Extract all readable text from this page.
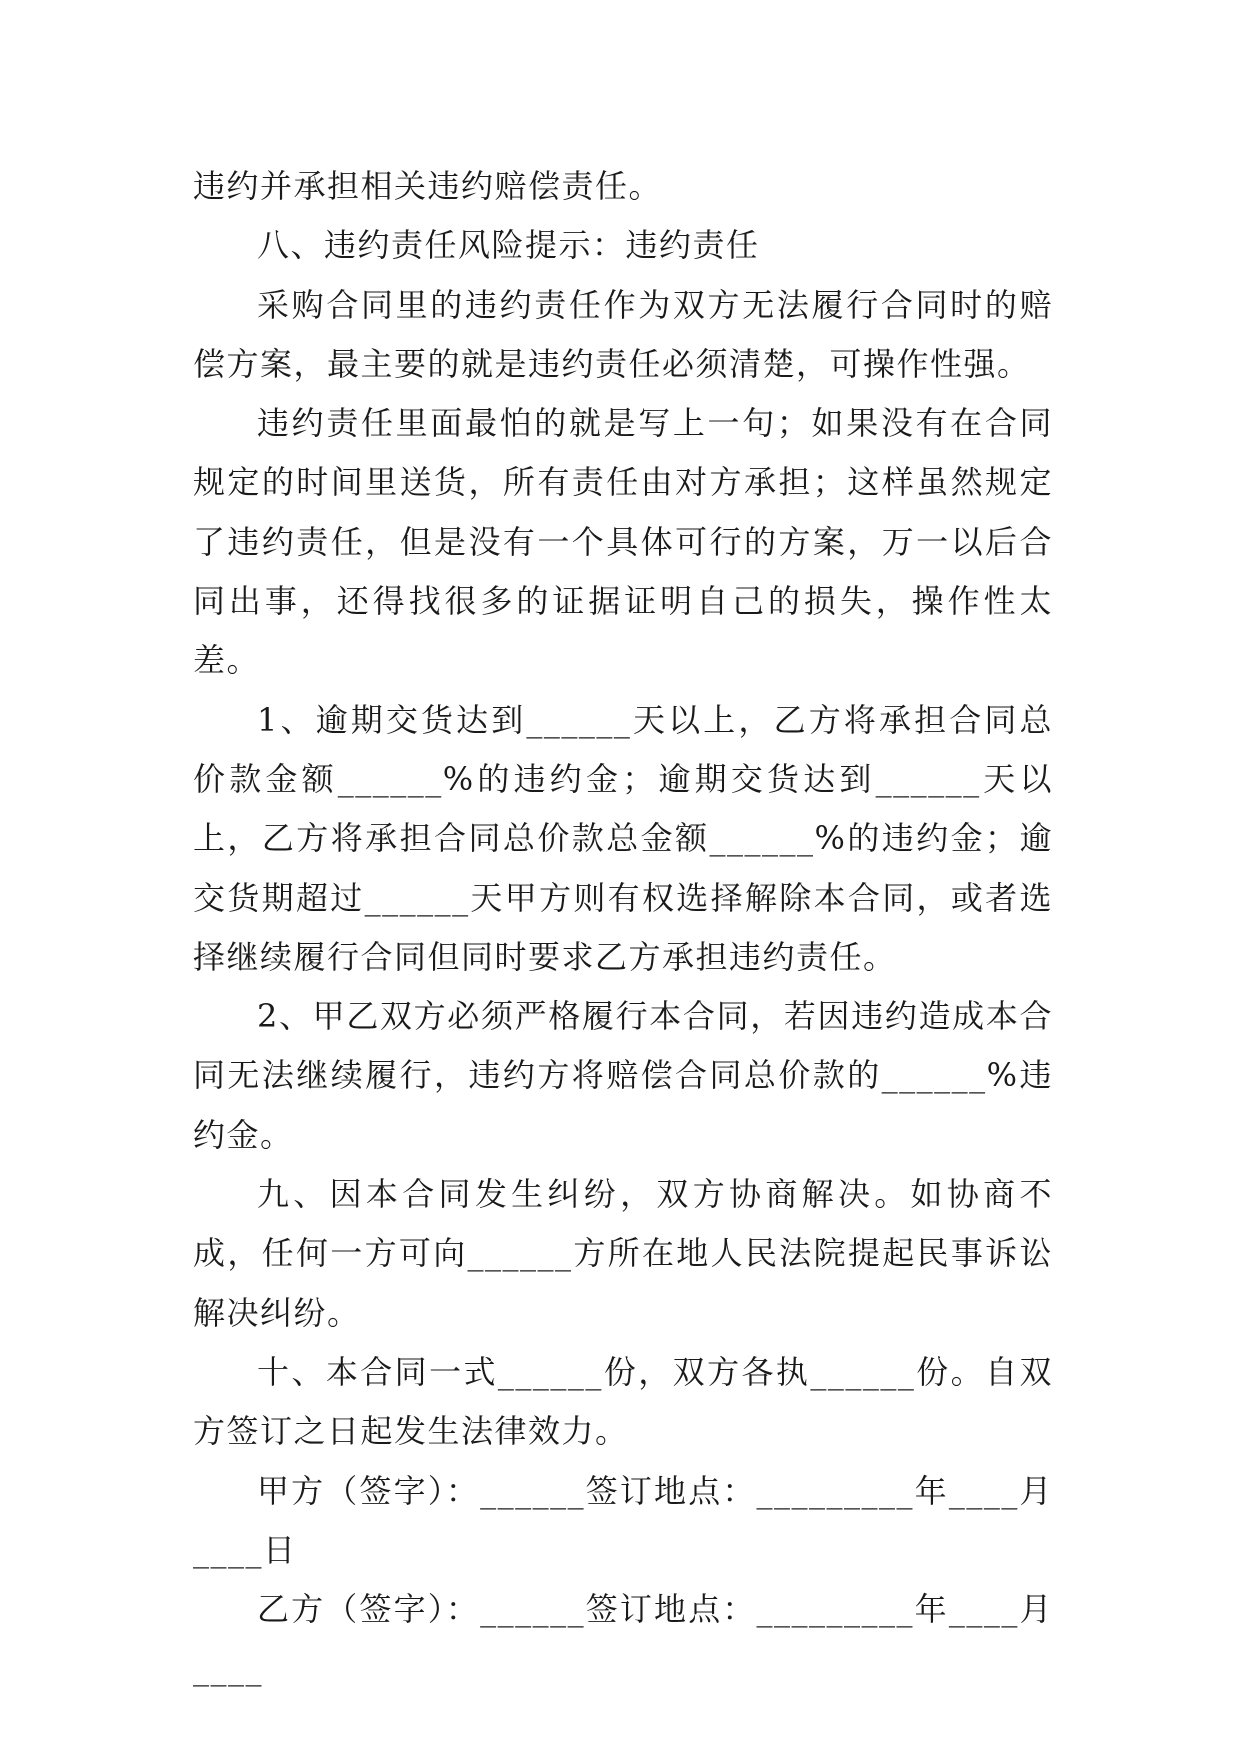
违约并承担相关违约赔偿责任。

八、违约责任风险提示：违约责任

采购合同里的违约责任作为双方无法履行合同时的赔偿方案，最主要的就是违约责任必须清楚，可操作性强。

违约责任里面最怕的就是写上一句；如果没有在合同规定的时间里送货，所有责任由对方承担；这样虽然规定了违约责任，但是没有一个具体可行的方案，万一以后合同出事，还得找很多的证据证明自己的损失，操作性太差。

1、逾期交货达到______天以上，乙方将承担合同总价款金额______%的违约金；逾期交货达到______天以上，乙方将承担合同总价款总金额______%的违约金；逾交货期超过______天甲方则有权选择解除本合同，或者选择继续履行合同但同时要求乙方承担违约责任。

2、甲乙双方必须严格履行本合同，若因违约造成本合同无法继续履行，违约方将赔偿合同总价款的______%违约金。

九、因本合同发生纠纷，双方协商解决。如协商不成，任何一方可向______方所在地人民法院提起民事诉讼解决纠纷。

十、本合同一式______份，双方各执______份。自双方签订之日起发生法律效力。

甲方（签字）：______签订地点：_________年____月____日

乙方（签字）：______签订地点：_________年____月____
